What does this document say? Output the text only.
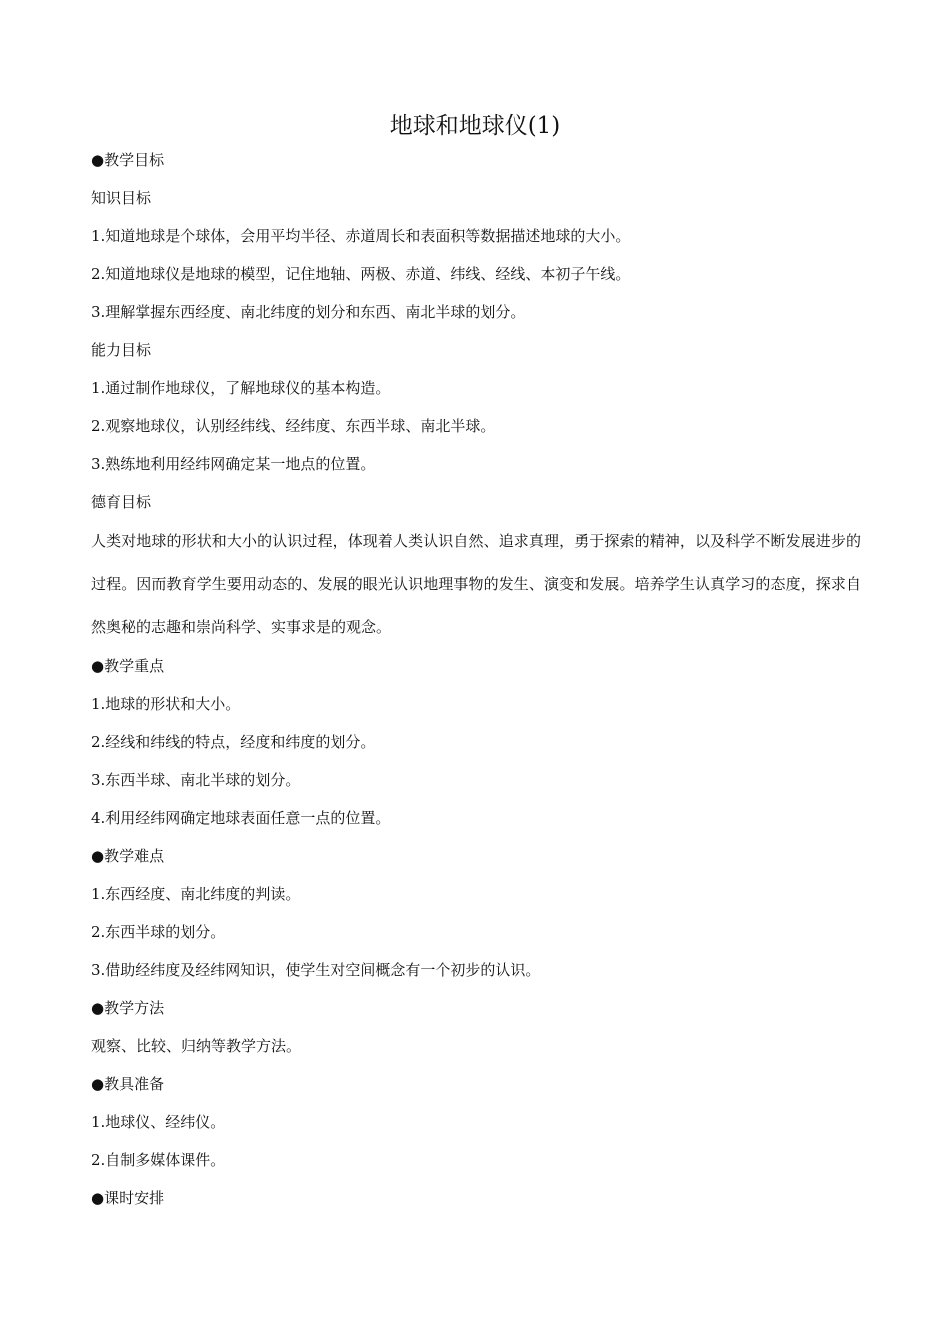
地球和地球仪(1)
●教学目标
知识目标
1.知道地球是个球体，会用平均半径、赤道周长和表面积等数据描述地球的大小。
2.知道地球仪是地球的模型，记住地轴、两极、赤道、纬线、经线、本初子午线。
3.理解掌握东西经度、南北纬度的划分和东西、南北半球的划分。
能力目标
1.通过制作地球仪，了解地球仪的基本构造。
2.观察地球仪，认别经纬线、经纬度、东西半球、南北半球。
3.熟练地利用经纬网确定某一地点的位置。
德育目标
人类对地球的形状和大小的认识过程，体现着人类认识自然、追求真理，勇于探索的精神，以及科学不断发展进步的过程。因而教育学生要用动态的、发展的眼光认识地理事物的发生、演变和发展。培养学生认真学习的态度，探求自然奥秘的志趣和崇尚科学、实事求是的观念。
●教学重点
1.地球的形状和大小。
2.经线和纬线的特点，经度和纬度的划分。
3.东西半球、南北半球的划分。
4.利用经纬网确定地球表面任意一点的位置。
●教学难点
1.东西经度、南北纬度的判读。
2.东西半球的划分。
3.借助经纬度及经纬网知识，使学生对空间概念有一个初步的认识。
●教学方法
观察、比较、归纳等教学方法。
●教具准备
1.地球仪、经纬仪。
2.自制多媒体课件。
●课时安排
